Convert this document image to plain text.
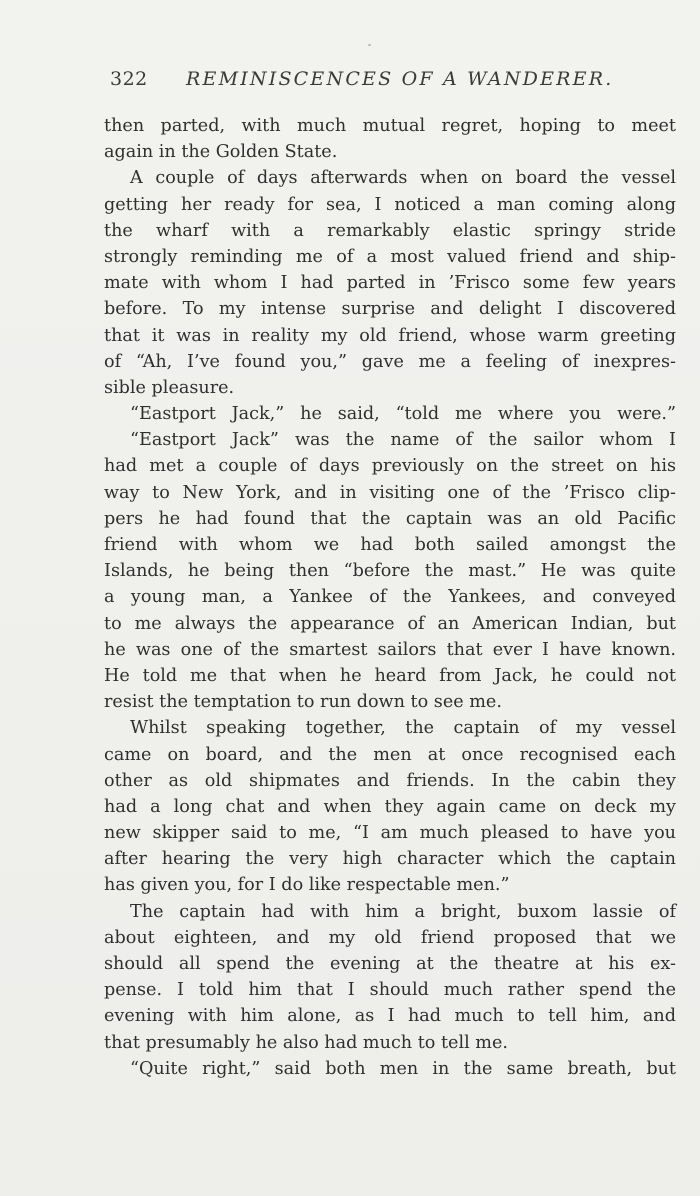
322 REMINISCENCES OF A WANDERER.
then parted, with much mutual regret, hoping to meet
again in the Golden State.
A couple of days afterwards when on board the vessel
getting her ready for sea, I noticed a man coming along
the wharf with a remarkably elastic springy stride
strongly reminding me of a most valued friend and ship-
mate with whom I had parted in ’Frisco some few years
before. To my intense surprise and delight I discovered
that it was in reality my old friend, whose warm greeting
of “Ah, I’ve found you,” gave me a feeling of inexpres-
sible pleasure.
“Eastport Jack,” he said, “told me where you were.”
“Eastport Jack” was the name of the sailor whom I
had met a couple of days previously on the street on his
way to New York, and in visiting one of the ’Frisco clip-
pers he had found that the captain was an old Pacific
friend with whom we had both sailed amongst the
Islands, he being then “before the mast.” He was quite
a young man, a Yankee of the Yankees, and conveyed
to me always the appearance of an American Indian, but
he was one of the smartest sailors that ever I have known.
He told me that when he heard from Jack, he could not
resist the temptation to run down to see me.
Whilst speaking together, the captain of my vessel
came on board, and the men at once recognised each
other as old shipmates and friends. In the cabin they
had a long chat and when they again came on deck my
new skipper said to me, “I am much pleased to have you
after hearing the very high character which the captain
has given you, for I do like respectable men.”
The captain had with him a bright, buxom lassie of
about eighteen, and my old friend proposed that we
should all spend the evening at the theatre at his ex-
pense. I told him that I should much rather spend the
evening with him alone, as I had much to tell him, and
that presumably he also had much to tell me.
“Quite right,” said both men in the same breath, but
